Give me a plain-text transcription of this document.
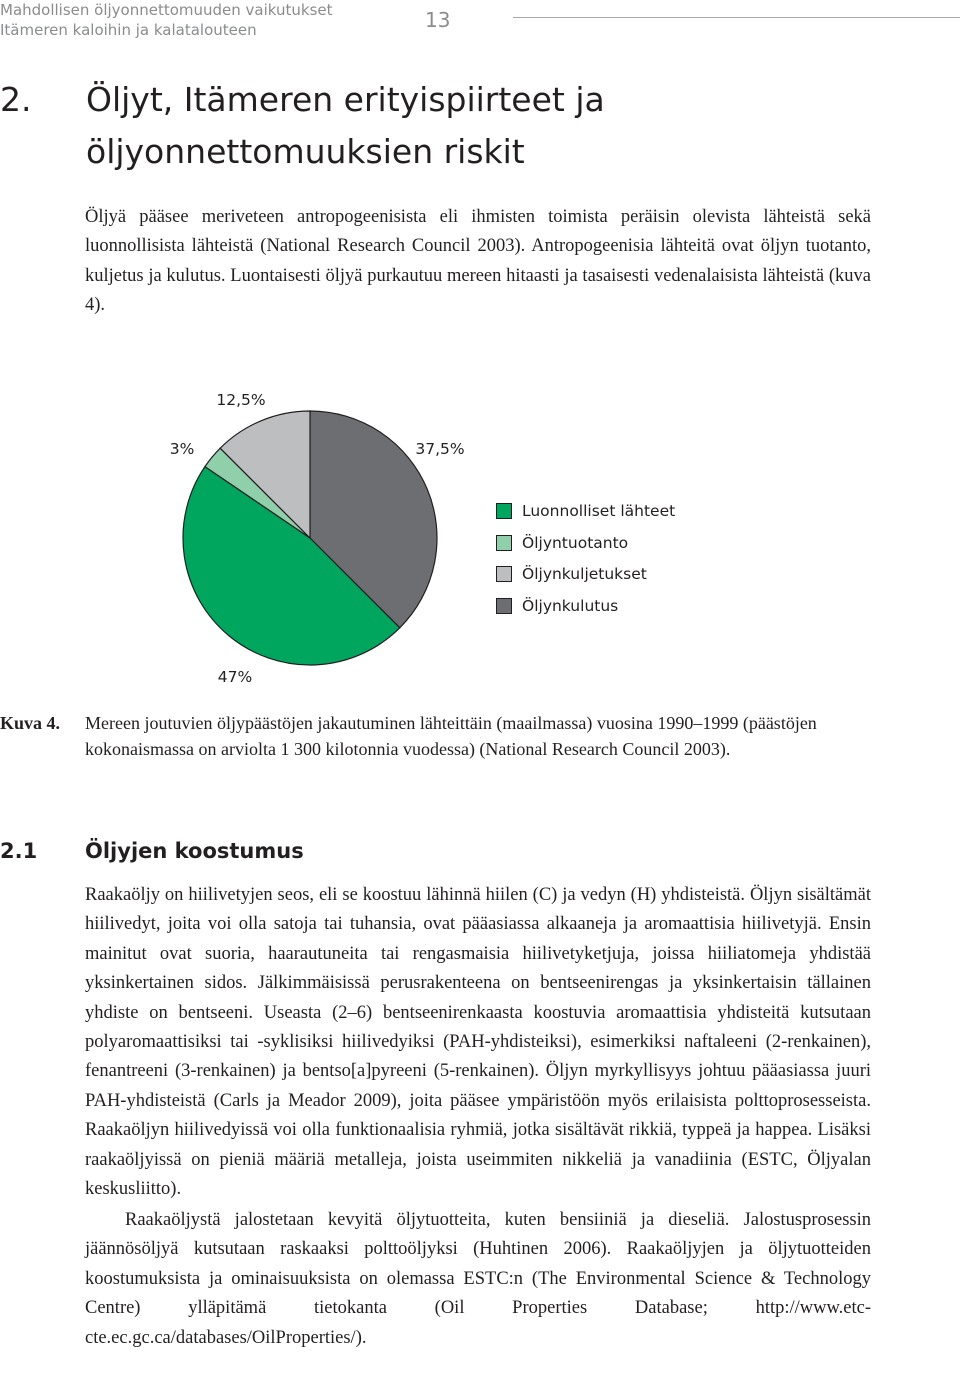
Mahdollisen öljyonnettomuuden vaikutukset
Itämeren kaloihin ja kalatalouteen	13
2. Öljyt, Itämeren erityispiirteet ja
öljyonnettomuuksien riskit

Öljyä pääsee meriveteen antropogeenisista eli ihmisten toimista peräisin olevista lähteistä sekä luonnollisista lähteistä (National Research Council 2003). Antropogeenisia lähteitä ovat öljyn tuotanto, kuljetus ja kulutus. Luontaisesti öljyä purkautuu mereen hitaasti ja tasaisesti vedenalaisista lähteistä (kuva 4).

37,5%
47%
3%
12,5%
Luonnolliset lähteet
Öljyntuotanto
Öljynkuljetukset
Öljynkulutus
Kuva 4. Mereen joutuvien öljypäästöjen jakautuminen lähteittäin (maailmassa) vuosina 1990–1999 (päästöjen kokonaismassa on arviolta 1 300 kilotonnia vuodessa) (National Research Council 2003).
2.1 Öljyjen koostumus

Raakaöljy on hiilivetyjen seos, eli se koostuu lähinnä hiilen (C) ja vedyn (H) yhdisteistä. Öljyn sisältämät hiilivedyt, joita voi olla satoja tai tuhansia, ovat pääasiassa alkaaneja ja aromaattisia hiilivetyjä. Ensin mainitut ovat suoria, haarautuneita tai rengasmaisia hiilivetyketjuja, joissa hiiliatomeja yhdistää yksinkertainen sidos. Jälkimmäisissä perusrakenteena on bentseenirengas ja yksinkertaisin tällainen yhdiste on bentseeni. Useasta (2–6) bentseenirenkaasta koostuvia aromaattisia yhdisteitä kutsutaan polyaromaattisiksi tai -syklisiksi hiilivedyiksi (PAH-yhdisteiksi), esimerkiksi naftaleeni (2-renkainen), fenantreeni (3-renkainen) ja bentso[a]pyreeni (5-renkainen). Öljyn myrkyllisyys johtuu pääasiassa juuri PAH-yhdisteistä (Carls ja Meador 2009), joita pääsee ympäristöön myös erilaisista polttoprosesseista. Raakaöljyn hiilivedyissä voi olla funktionaalisia ryhmiä, jotka sisältävät rikkiä, typpeä ja happea. Lisäksi raakaöljyissä on pieniä määriä metalleja, joista useimmiten nikkeliä ja vanadiinia (ESTC, Öljyalan keskusliitto).

Raakaöljystä jalostetaan kevyitä öljytuotteita, kuten bensiiniä ja dieseliä. Jalostusprosessin jäännösöljyä kutsutaan raskaaksi polttoöljyksi (Huhtinen 2006). Raakaöljyjen ja öljytuotteiden koostumuksista ja ominaisuuksista on olemassa ESTC:n (The Environmental Science & Technology Centre) ylläpitämä tietokanta (Oil Properties Database; http://www.etc-cte.ec.gc.ca/databases/OilProperties/).
